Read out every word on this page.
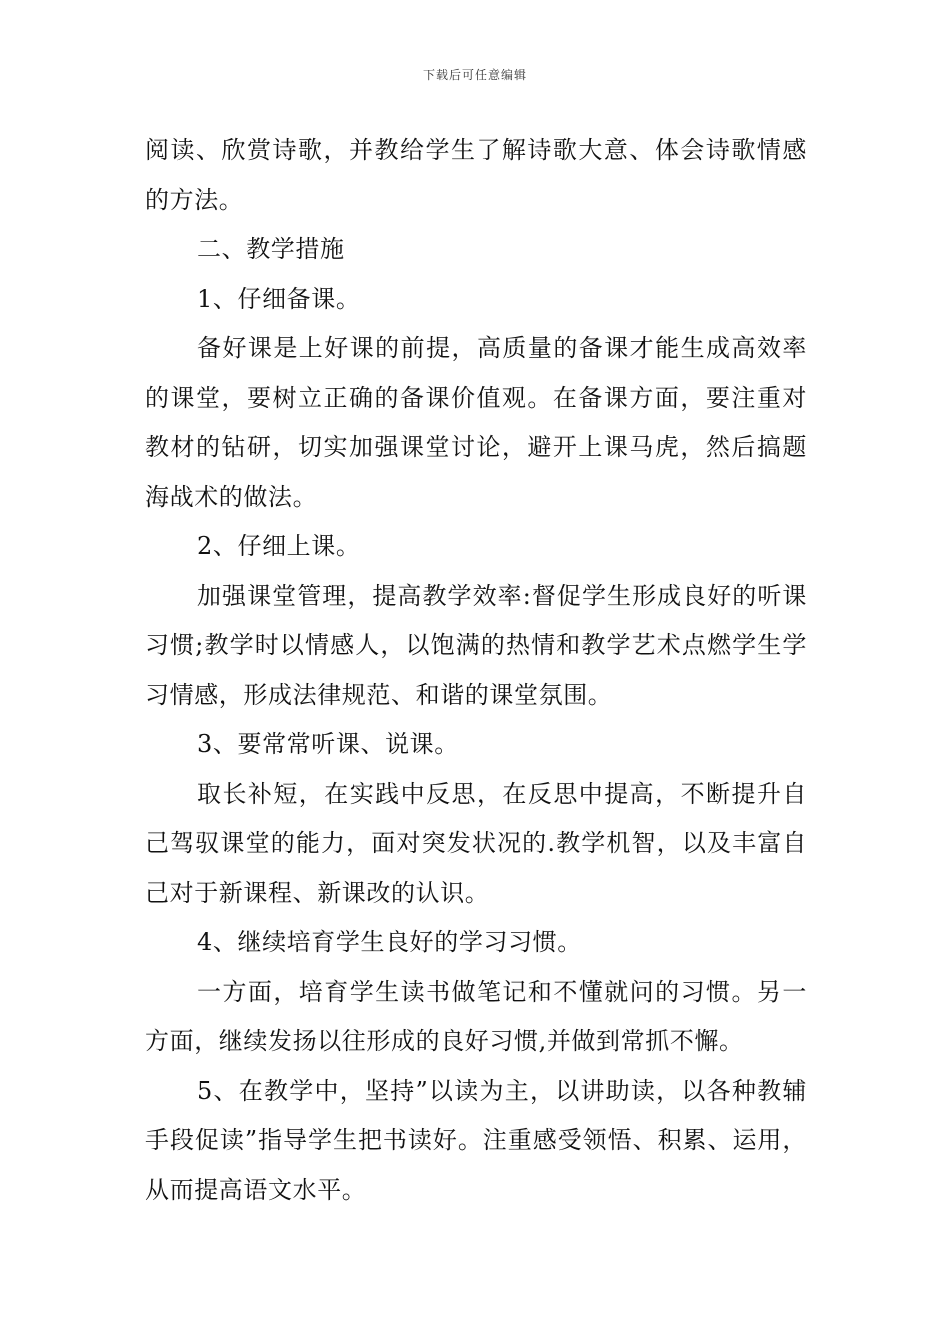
下载后可任意编辑

阅读、欣赏诗歌，并教给学生了解诗歌大意、体会诗歌情感的方法。

二、教学措施

1、仔细备课。

备好课是上好课的前提，高质量的备课才能生成高效率的课堂，要树立正确的备课价值观。在备课方面，要注重对教材的钻研，切实加强课堂讨论，避开上课马虎，然后搞题海战术的做法。

2、仔细上课。

加强课堂管理，提高教学效率:督促学生形成良好的听课习惯;教学时以情感人，以饱满的热情和教学艺术点燃学生学习情感，形成法律规范、和谐的课堂氛围。

3、要常常听课、说课。

取长补短，在实践中反思，在反思中提高，不断提升自己驾驭课堂的能力，面对突发状况的.教学机智，以及丰富自己对于新课程、新课改的认识。

4、继续培育学生良好的学习习惯。

一方面，培育学生读书做笔记和不懂就问的习惯。另一方面，继续发扬以往形成的良好习惯,并做到常抓不懈。

5、在教学中，坚持”以读为主，以讲助读，以各种教辅手段促读”指导学生把书读好。注重感受领悟、积累、运用，从而提高语文水平。
